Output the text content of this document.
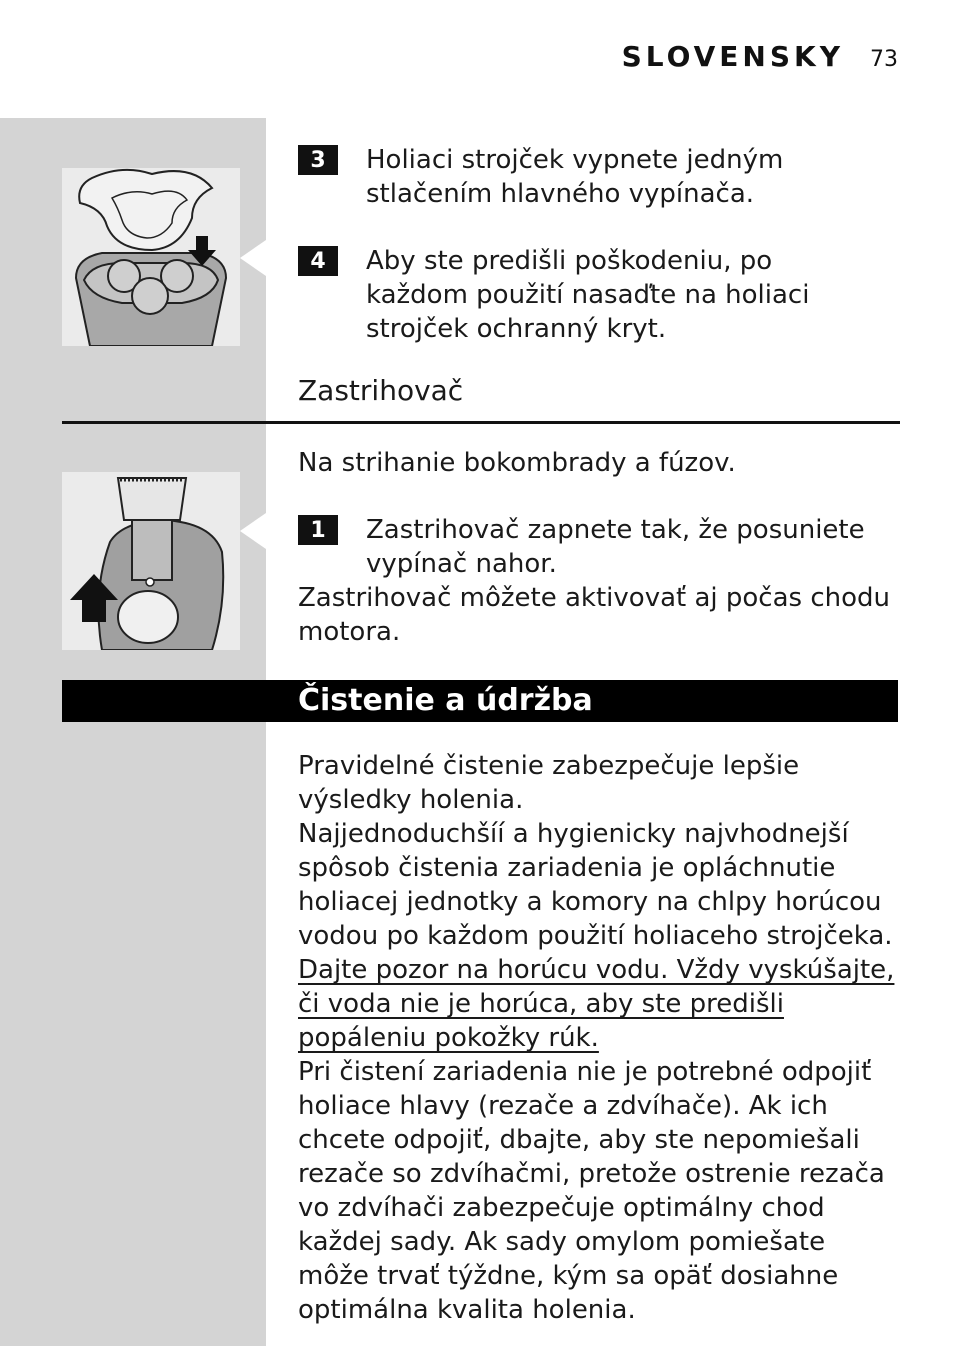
SLOVENSKY 73
3	Holiaci strojček vypnete jedným stlačením hlavného vypínača.
4	Aby ste predišli poškodeniu, po každom použití nasaďte na holiaci strojček ochranný kryt.
Zastrihovač
Na strihanie bokombrady a fúzov.
1	Zastrihovač zapnete tak, že posuniete vypínač nahor.
Zastrihovač môžete aktivovať aj počas chodu motora.
Čistenie a údržba

Pravidelné čistenie zabezpečuje lepšie výsledky holenia.

Najjednoduchšíí a hygienicky najvhodnejší spôsob čistenia zariadenia je opláchnutie holiacej jednotky a komory na chlpy horúcou vodou po každom použití holiaceho strojčeka.

Dajte pozor na horúcu vodu. Vždy vyskúšajte, či voda nie je horúca, aby ste predišli popáleniu pokožky rúk.

Pri čistení zariadenia nie je potrebné odpojiť holiace hlavy (rezače a zdvíhače). Ak ich chcete odpojiť, dbajte, aby ste nepomiešali rezače so zdvíhačmi, pretože ostrenie rezača vo zdvíhači zabezpečuje optimálny chod každej sady. Ak sady omylom pomiešate môže trvať týždne, kým sa opäť dosiahne optimálna kvalita holenia.
